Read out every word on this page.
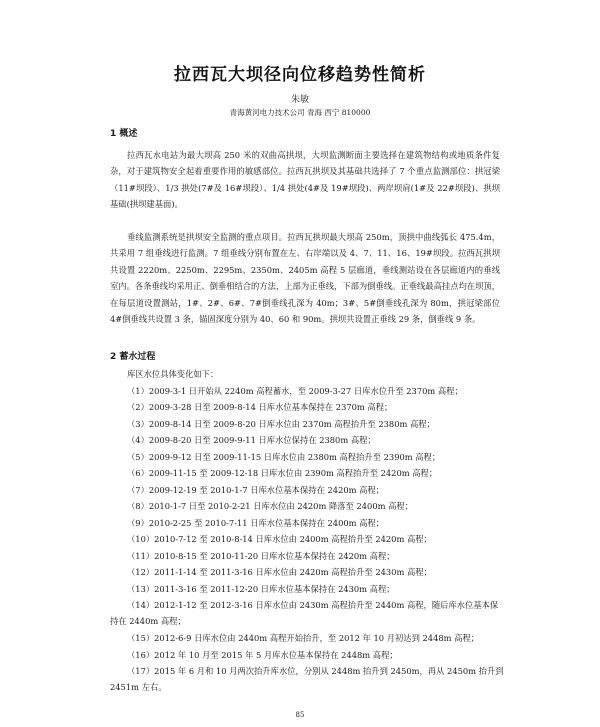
拉西瓦大坝径向位移趋势性简析
朱敏
青海黄河电力技术公司 青海 西宁 810000
1 概述

拉西瓦水电站为最大坝高 250 米的双曲高拱坝，大坝监测断面主要选择在建筑物结构或地质条件复杂，对于建筑物安全起着重要作用的敏感部位。拉西瓦拱坝及其基础共选择了 7 个重点监测部位：拱冠梁（11#坝段）、1/3 拱处(7#及 16#坝段）、1/4 拱处(4#及 19#坝段)、两岸坝肩(1#及 22#坝段)、拱坝基础(拱坝建基面)。

垂线监测系统是拱坝安全监测的重点项目。拉西瓦拱坝最大坝高 250m，顶拱中曲线弧长 475.4m，共采用 7 组垂线进行监测。7 组垂线分别布置在左、右岸端以及 4、7、11、16、19#坝段。拉西瓦拱坝共设置 2220m、2250m、2295m、2350m、2405m 高程 5 层廊道，垂线测站设在各层廊道内的垂线室内。各条垂线均采用正、倒垂相结合的方法，上部为正垂线，下部为倒垂线。正垂线最高挂点均在坝顶，在每层道设置测站，1#、2#、6#、7#倒垂线孔深为 40m；3#、5#倒垂线孔深为 80m，拱冠梁部位 4#倒垂线共设置 3 条，锚固深度分别为 40、60 和 90m。拱坝共设置正垂线 29 条，倒垂线 9 条。

2 蓄水过程
库区水位具体变化如下：
（1）2009-3-1 日开始从 2240m 高程蓄水，至 2009-3-27 日库水位升至 2370m 高程；
（2）2009-3-28 日至 2009-8-14 日库水位基本保持在 2370m 高程；
（3）2009-8-14 日至 2009-8-20 日库水位由 2370m 高程抬升至 2380m 高程；
（4）2009-8-20 日至 2009-9-11 日库水位保持在 2380m 高程；
（5）2009-9-12 日至 2009-11-15 日库水位由 2380m 高程抬升至 2390m 高程；
（6）2009-11-15 至 2009-12-18 日库水位由 2390m 高程抬升至 2420m 高程；
（7）2009-12-19 至 2010-1-7 日库水位基本保持在 2420m 高程；
（8）2010-1-7 日至 2010-2-21 日库水位由 2420m 降落至 2400m 高程；
（9）2010-2-25 至 2010-7-11 日库水位基本保持在 2400m 高程；
（10）2010-7-12 至 2010-8-14 日库水位由 2400m 高程抬升至 2420m 高程；
（11）2010-8-15 至 2010-11-20 日库水位基本保持在 2420m 高程；
（12）2011-1-14 至 2011-3-16 日库水位由 2420m 高程抬升至 2430m 高程；
（13）2011-3-16 至 2011-12-20 日库水位基本保持在 2430m 高程；
（14）2012-1-12 至 2012-3-16 日库水位由 2430m 高程抬升至 2440m 高程，随后库水位基本保持在 2440m 高程；
（15）2012-6-9 日库水位由 2440m 高程开始抬升，至 2012 年 10 月初达到 2448m 高程；
（16）2012 年 10 月至 2015 年 5 月库水位基本保持在 2448m 高程；
（17）2015 年 6 月和 10 月两次抬升库水位，分别从 2448m 抬升到 2450m，再从 2450m 抬升到 2451m 左右。
85
